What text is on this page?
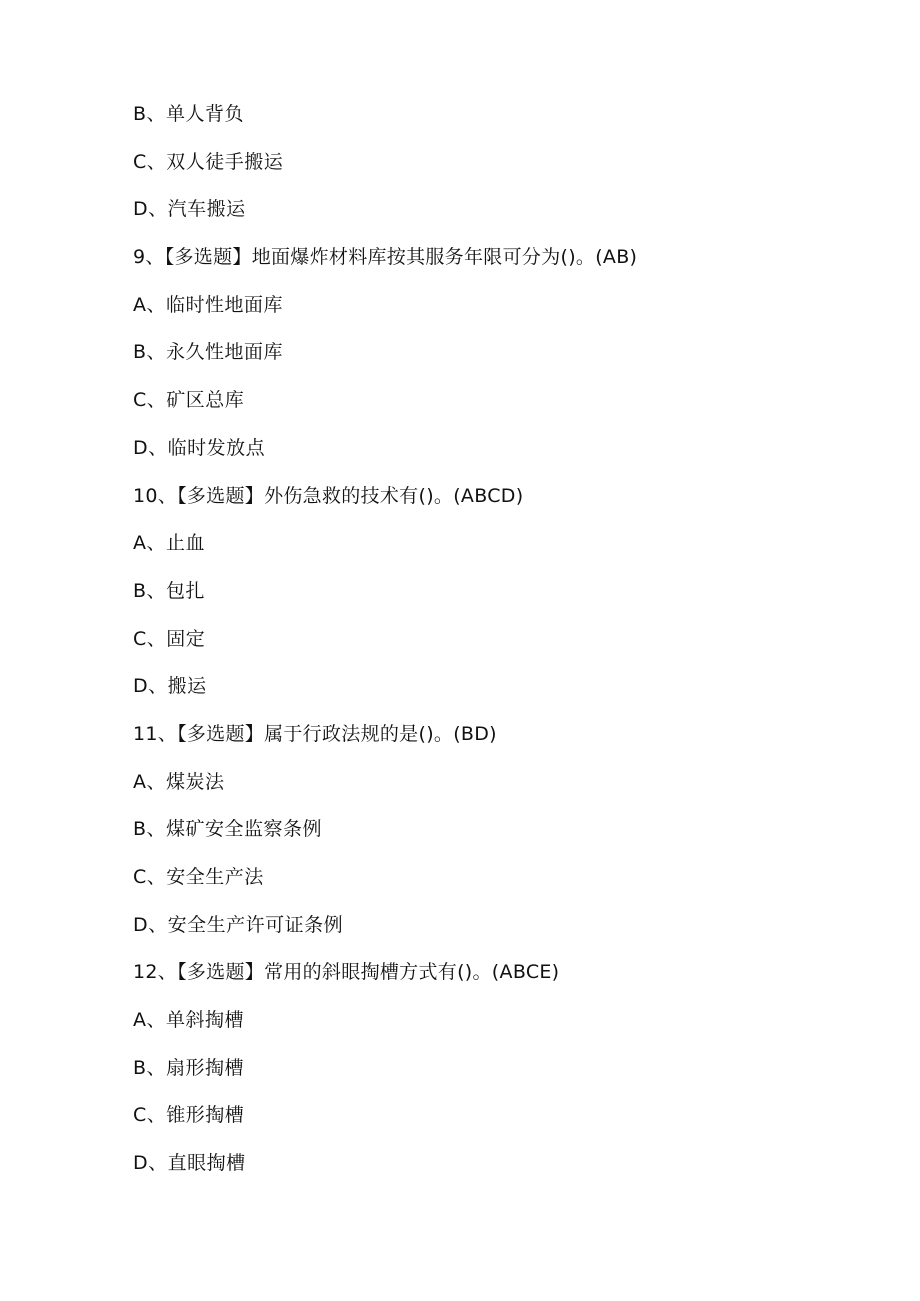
B、单人背负
C、双人徒手搬运
D、汽车搬运
9、【多选题】地面爆炸材料库按其服务年限可分为()。(AB)
A、临时性地面库
B、永久性地面库
C、矿区总库
D、临时发放点
10、【多选题】外伤急救的技术有()。(ABCD)
A、止血
B、包扎
C、固定
D、搬运
11、【多选题】属于行政法规的是()。(BD)
A、煤炭法
B、煤矿安全监察条例
C、安全生产法
D、安全生产许可证条例
12、【多选题】常用的斜眼掏槽方式有()。(ABCE)
A、单斜掏槽
B、扇形掏槽
C、锥形掏槽
D、直眼掏槽
